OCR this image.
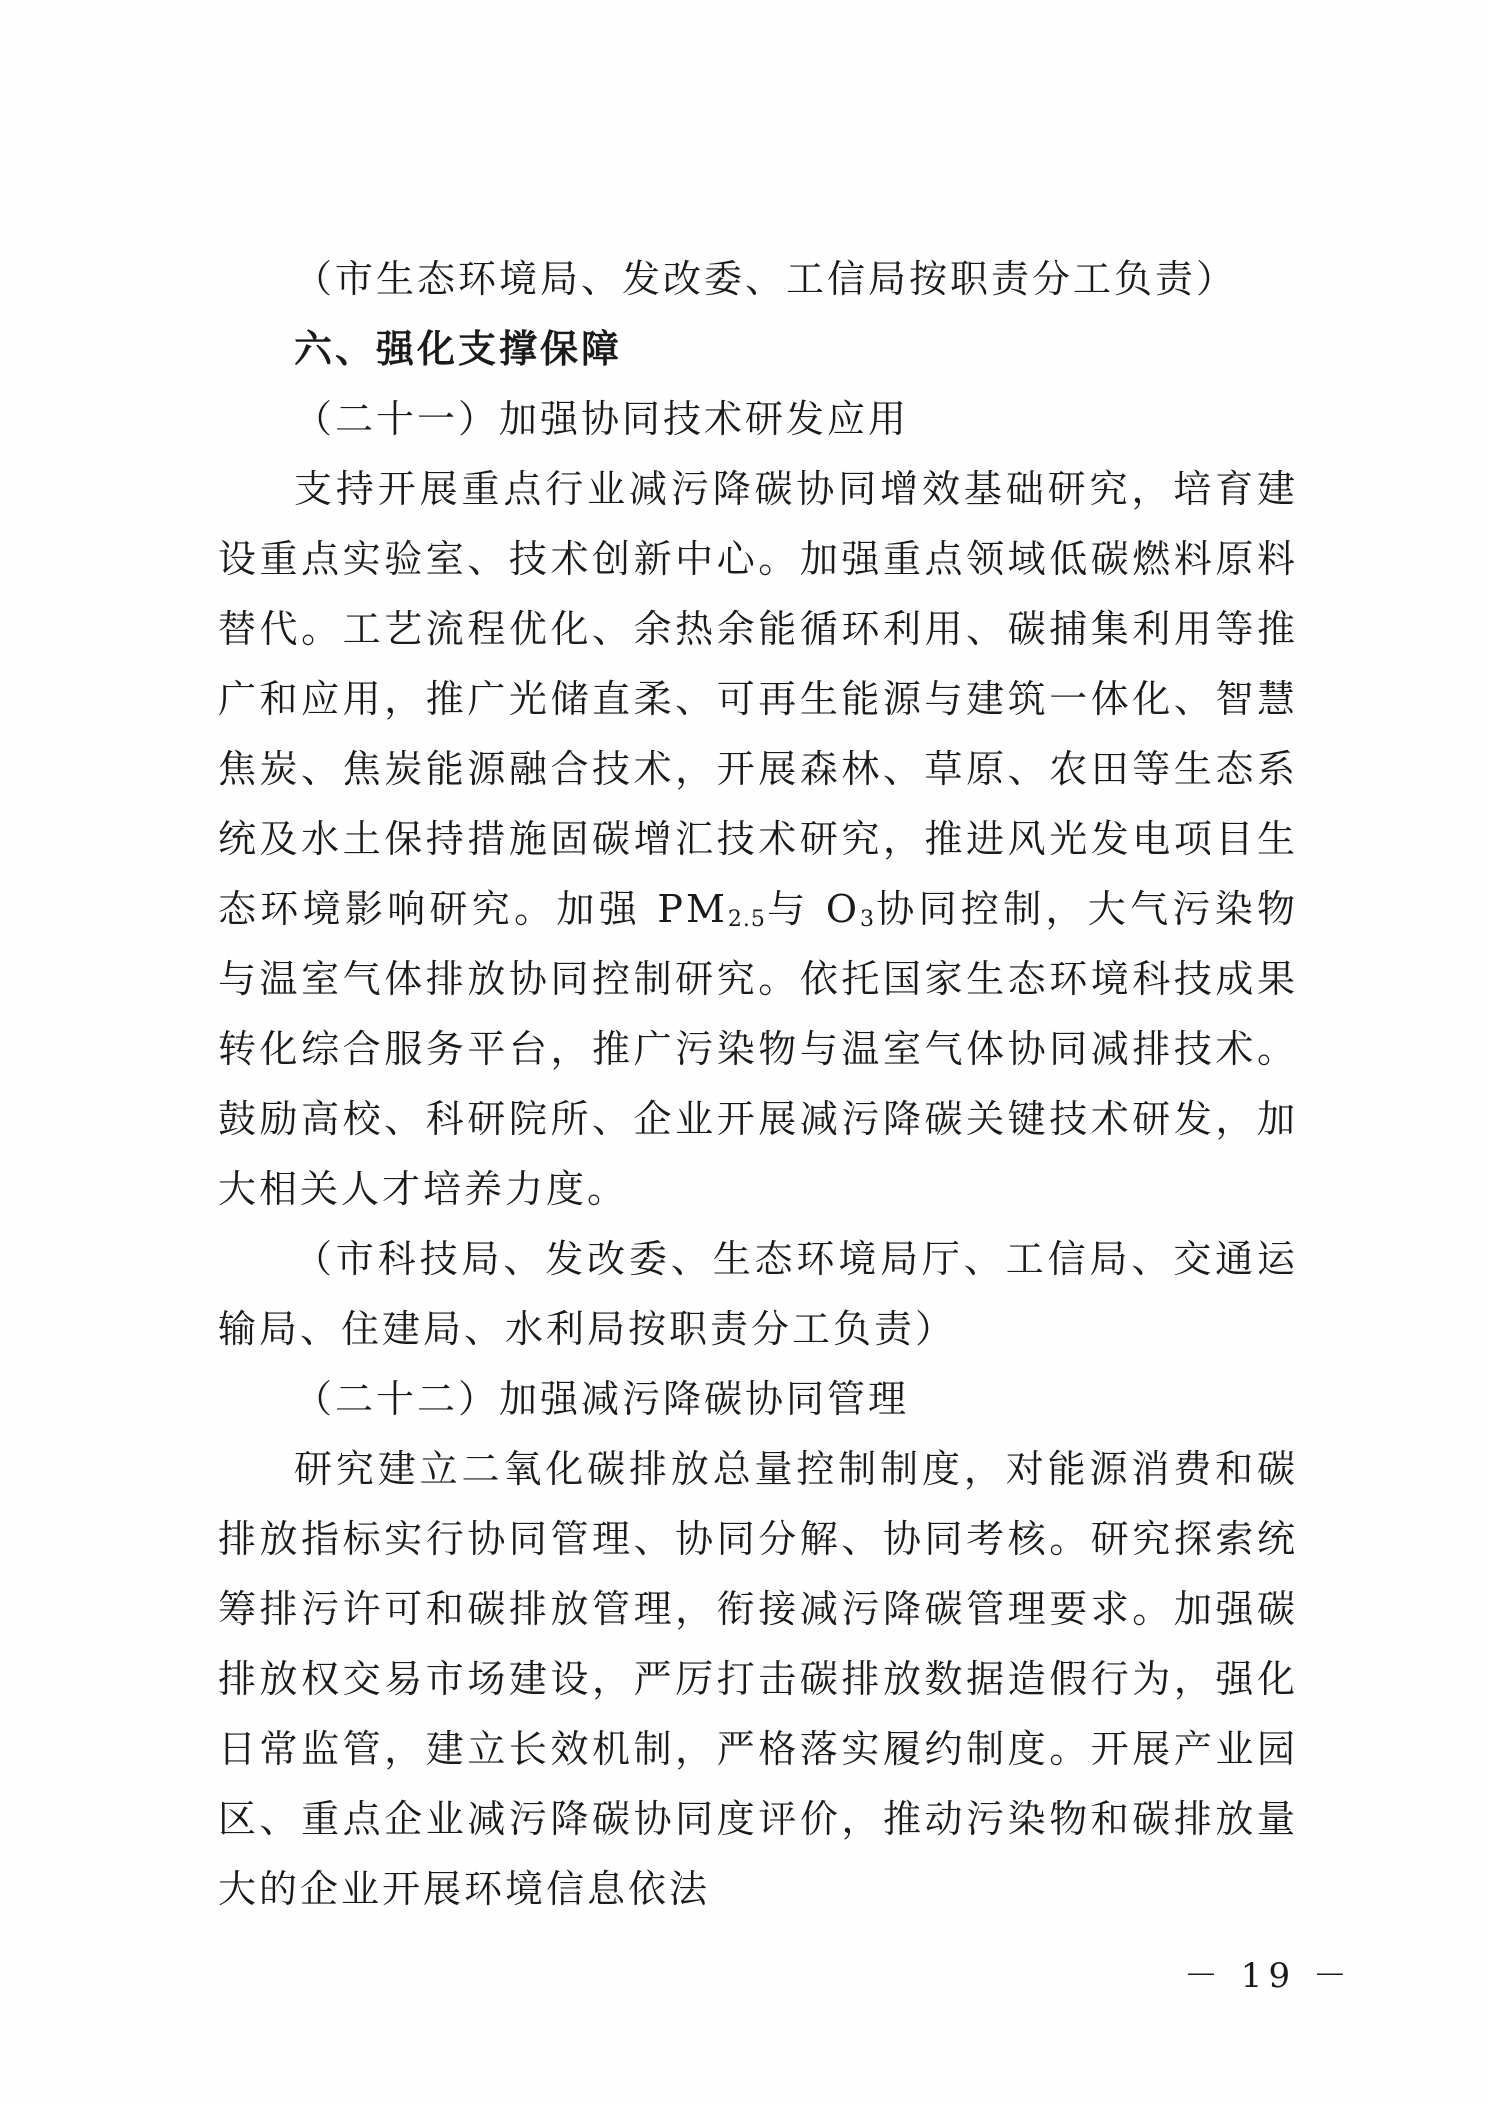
（市生态环境局、发改委、工信局按职责分工负责）

六、强化支撑保障

（二十一）加强协同技术研发应用

支持开展重点行业减污降碳协同增效基础研究，培育建设重点实验室、技术创新中心。加强重点领域低碳燃料原料替代。工艺流程优化、余热余能循环利用、碳捕集利用等推广和应用，推广光储直柔、可再生能源与建筑一体化、智慧焦炭、焦炭能源融合技术，开展森林、草原、农田等生态系统及水土保持措施固碳增汇技术研究，推进风光发电项目生态环境影响研究。加强 $PM_{2.5}$与 $O_3$协同控制，大气污染物与温室气体排放协同控制研究。依托国家生态环境科技成果转化综合服务平台，推广污染物与温室气体协同减排技术。鼓励高校、科研院所、企业开展减污降碳关键技术研发，加大相关人才培养力度。

（市科技局、发改委、生态环境局厅、工信局、交通运输局、住建局、水利局按职责分工负责）

（二十二）加强减污降碳协同管理

研究建立二氧化碳排放总量控制制度，对能源消费和碳排放指标实行协同管理、协同分解、协同考核。研究探索统筹排污许可和碳排放管理，衔接减污降碳管理要求。加强碳排放权交易市场建设，严厉打击碳排放数据造假行为，强化日常监管，建立长效机制，严格落实履约制度。开展产业园区、重点企业减污降碳协同度评价，推动污染物和碳排放量大的企业开展环境信息依法

－ 19 －
